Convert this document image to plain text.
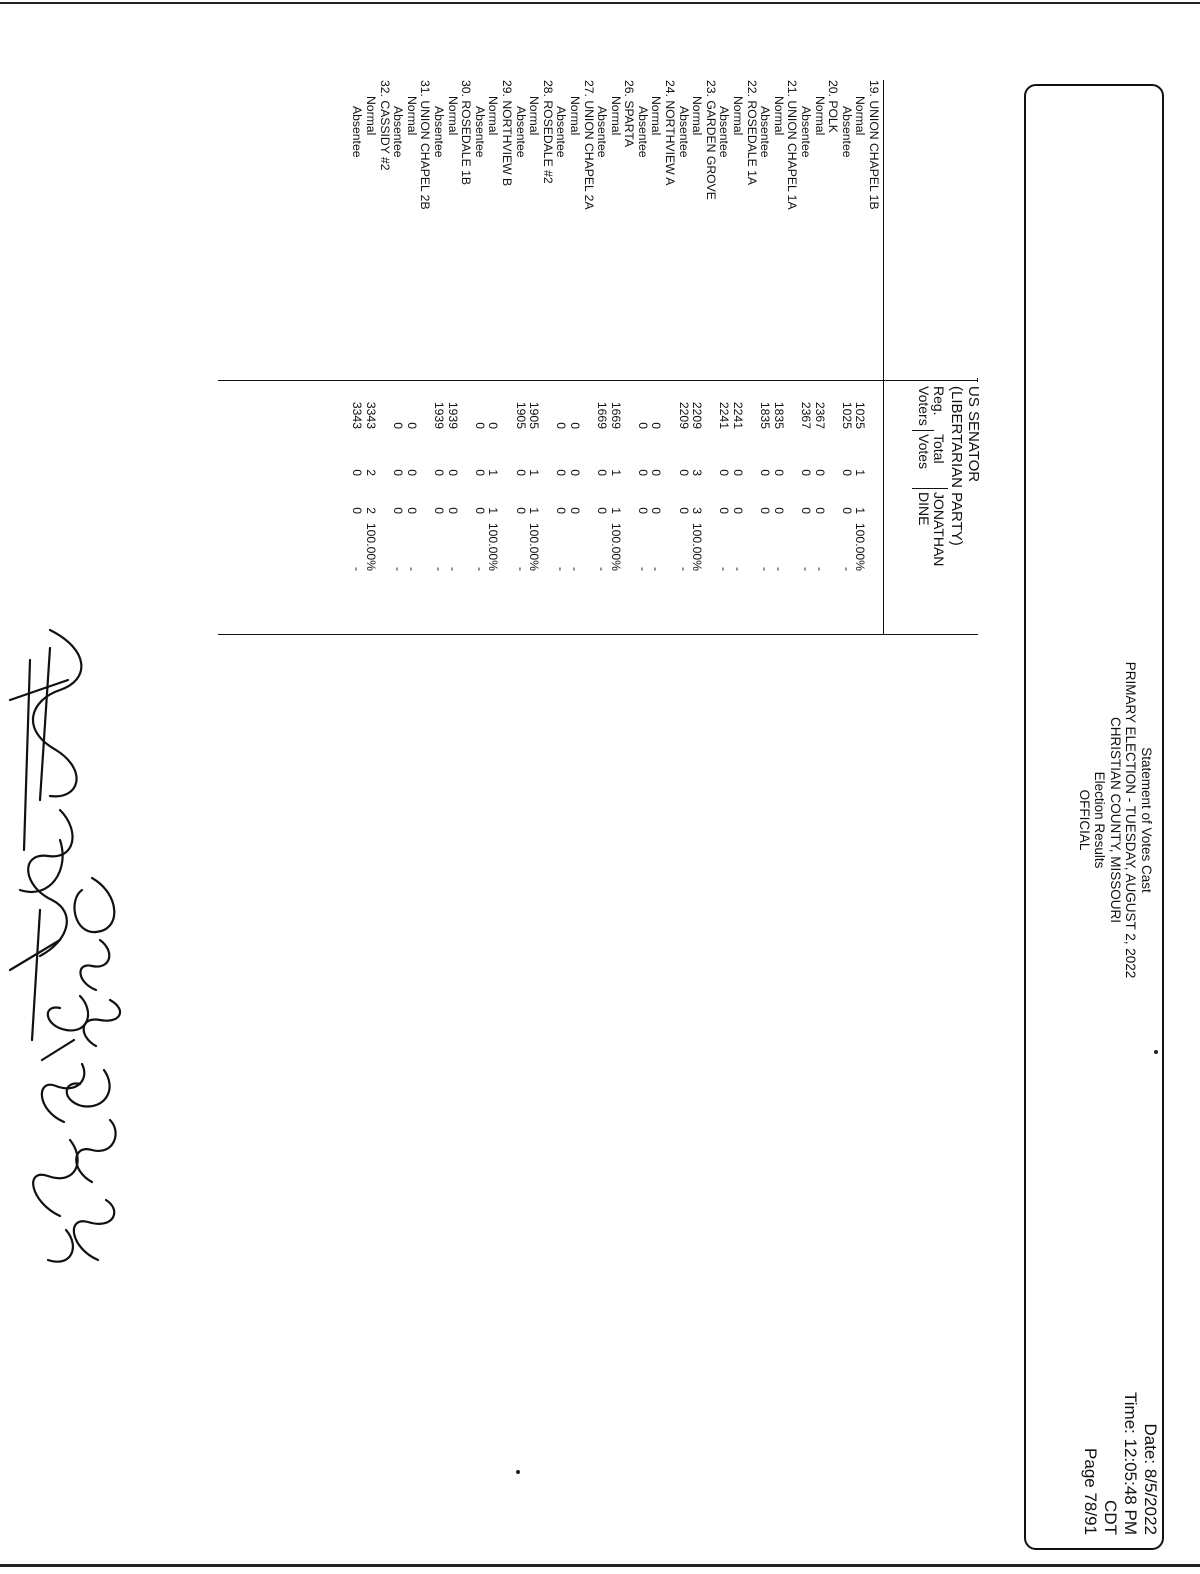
Statement of Votes Cast
PRIMARY ELECTION - TUESDAY, AUGUST 2, 2022
CHRISTIAN COUNTY, MISSOURI
Election Results
OFFICIAL
Date: 8/5/2022
Time: 12:05:48 PM CDT
Page 78/91
US SENATOR
(LIBERTARIAN PARTY)
Reg.
Voters
Total
Votes
JONATHAN
DINE
19. UNION CHAPEL 1B
Normal
1025
1
1
100.00%
Absentee
1025
0
0
-
20. POLK
Normal
2367
0
0
-
Absentee
2367
0
0
-
21. UNION CHAPEL 1A
Normal
1835
0
0
-
Absentee
1835
0
0
-
22. ROSEDALE 1A
Normal
2241
0
0
-
Absentee
2241
0
0
-
23. GARDEN GROVE
Normal
2209
3
3
100.00%
Absentee
2209
0
0
-
24. NORTHVIEW A
Normal
0
0
0
-
Absentee
0
0
0
-
26. SPARTA
Normal
1669
1
1
100.00%
Absentee
1669
0
0
-
27. UNION CHAPEL 2A
Normal
0
0
0
-
Absentee
0
0
0
-
28. ROSEDALE #2
Normal
1905
1
1
100.00%
Absentee
1905
0
0
-
29. NORTHVIEW B
Normal
0
1
1
100.00%
Absentee
0
0
0
-
30. ROSEDALE 1B
Normal
1939
0
0
-
Absentee
1939
0
0
-
31. UNION CHAPEL 2B
Normal
0
0
0
-
Absentee
0
0
0
-
32. CASSIDY #2
Normal
3343
2
2
100.00%
Absentee
3343
0
0
-
